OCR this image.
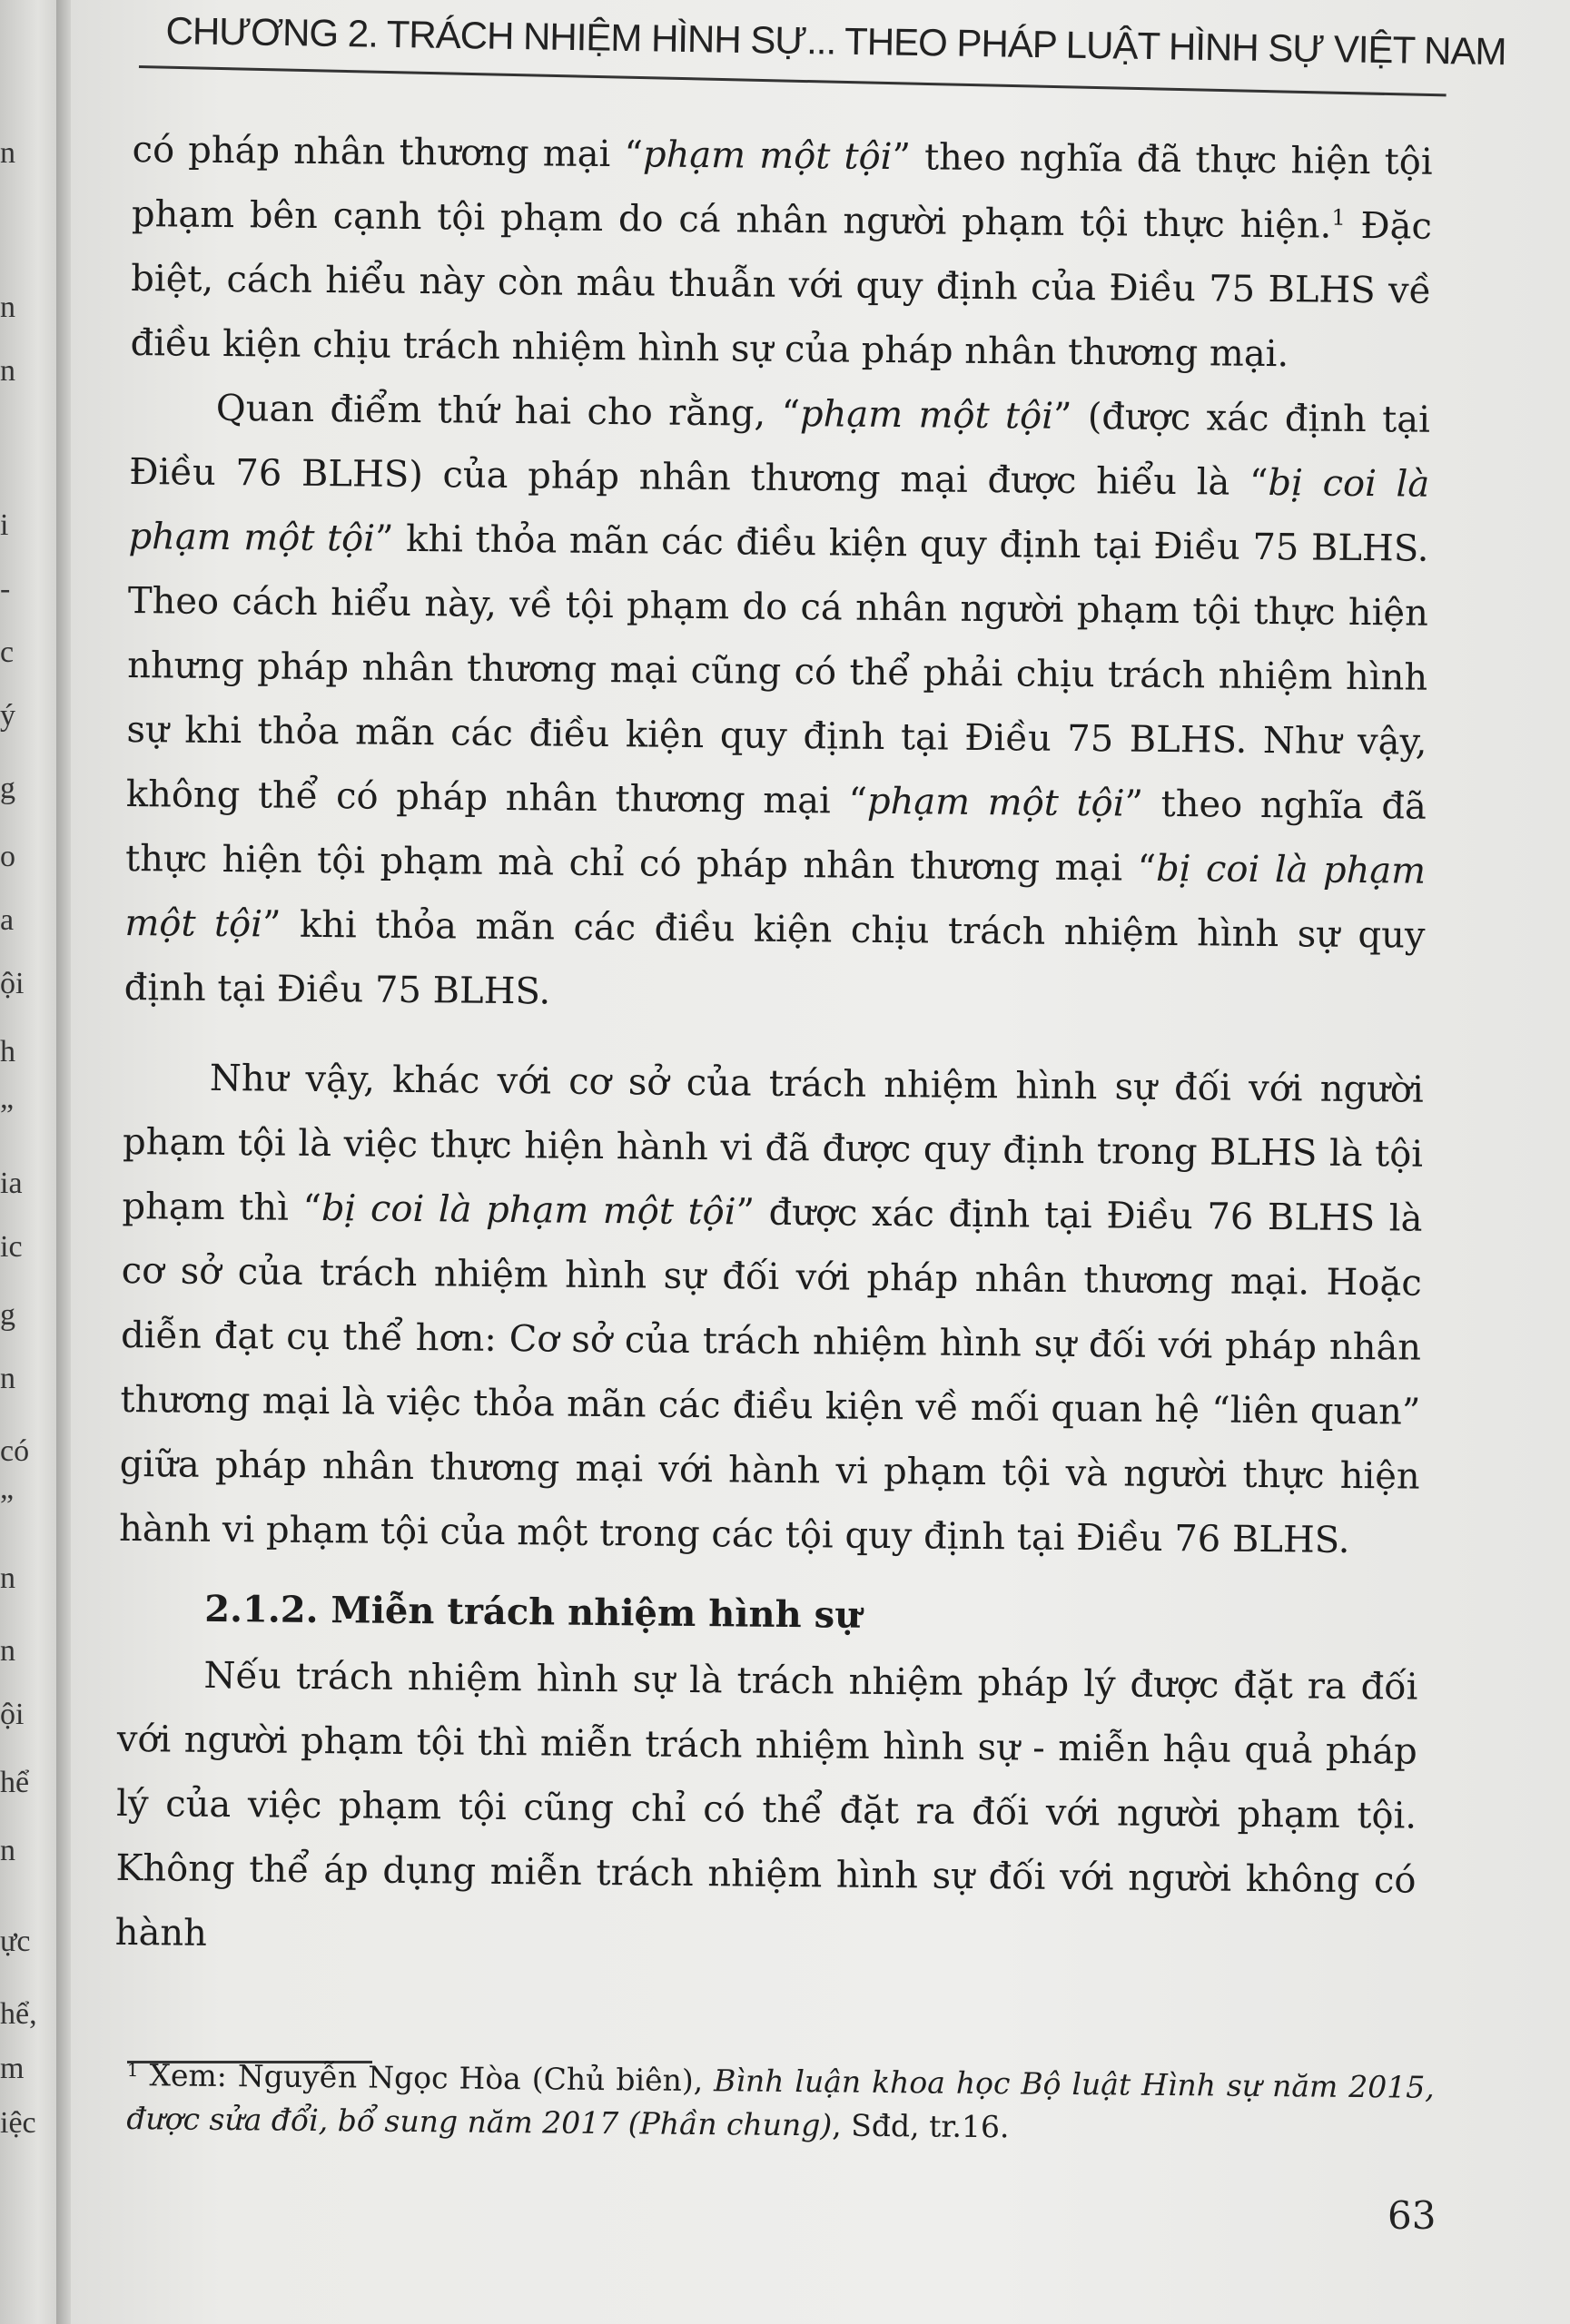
n
n
n
i
-
c
ý
g
o
a
ội
h
”
ia
ic
g
n
có
”
n
n
ội
hể
n
ực
hể,
m
iệc
CHƯƠNG 2. TRÁCH NHIỆM HÌNH SỰ... THEO PHÁP LUẬT HÌNH SỰ VIỆT NAM

có pháp nhân thương mại “phạm một tội” theo nghĩa đã thực hiện tội phạm bên cạnh tội phạm do cá nhân người phạm tội thực hiện.$^1$ Đặc biệt, cách hiểu này còn mâu thuẫn với quy định của Điều 75 BLHS về điều kiện chịu trách nhiệm hình sự của pháp nhân thương mại.

Quan điểm thứ hai cho rằng, “phạm một tội” (được xác định tại Điều 76 BLHS) của pháp nhân thương mại được hiểu là “bị coi là phạm một tội” khi thỏa mãn các điều kiện quy định tại Điều 75 BLHS. Theo cách hiểu này, về tội phạm do cá nhân người phạm tội thực hiện nhưng pháp nhân thương mại cũng có thể phải chịu trách nhiệm hình sự khi thỏa mãn các điều kiện quy định tại Điều 75 BLHS. Như vậy, không thể có pháp nhân thương mại “phạm một tội” theo nghĩa đã thực hiện tội phạm mà chỉ có pháp nhân thương mại “bị coi là phạm một tội” khi thỏa mãn các điều kiện chịu trách nhiệm hình sự quy định tại Điều 75 BLHS.

Như vậy, khác với cơ sở của trách nhiệm hình sự đối với người phạm tội là việc thực hiện hành vi đã được quy định trong BLHS là tội phạm thì “bị coi là phạm một tội” được xác định tại Điều 76 BLHS là cơ sở của trách nhiệm hình sự đối với pháp nhân thương mại. Hoặc diễn đạt cụ thể hơn: Cơ sở của trách nhiệm hình sự đối với pháp nhân thương mại là việc thỏa mãn các điều kiện về mối quan hệ “liên quan” giữa pháp nhân thương mại với hành vi phạm tội và người thực hiện hành vi phạm tội của một trong các tội quy định tại Điều 76 BLHS.

2.1.2. Miễn trách nhiệm hình sự

Nếu trách nhiệm hình sự là trách nhiệm pháp lý được đặt ra đối với người phạm tội thì miễn trách nhiệm hình sự - miễn hậu quả pháp lý của việc phạm tội cũng chỉ có thể đặt ra đối với người phạm tội. Không thể áp dụng miễn trách nhiệm hình sự đối với người không có hành

$^1$ Xem: Nguyễn Ngọc Hòa (Chủ biên), Bình luận khoa học Bộ luật Hình sự năm 2015, được sửa đổi, bổ sung năm 2017 (Phần chung), Sđd, tr.16.

63
